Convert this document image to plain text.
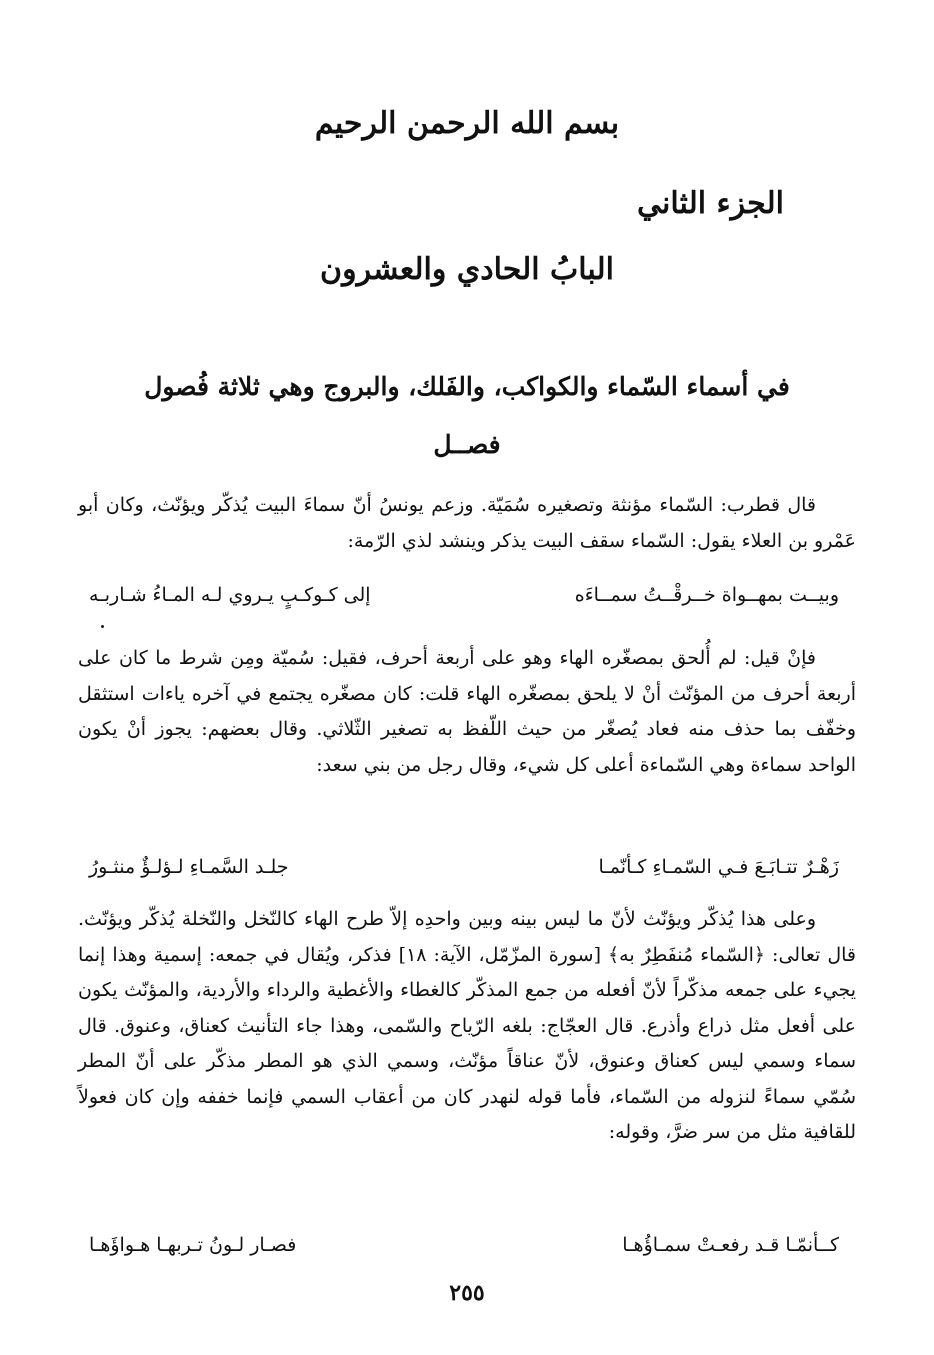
بسم الله الرحمن الرحيم
الجزء الثاني
البابُ الحادي والعشرون
في أسماء السّماء والكواكب، والفَلك، والبروج وهي ثلاثة فُصول
فصــل
قال قطرب: السّماء مؤنثة وتصغيره سُمَيّة. وزعم يونسُ أنّ سماءَ البيت يُذكّر ويؤنّث، وكان أبو عَمْرو بن العلاء يقول: السّماء سقف البيت يذكر وينشد لذي الرّمة:
وبيــت بمهــواة خــرقْــتُ سمــاءَه
إلى كـوكـبٍ يـروي لـه المـاءُ شـاربـه
فإنْ قيل: لم أُلحق بمصغّره الهاء وهو على أربعة أحرف، فقيل: سُميّة ومِن شرط ما كان على أربعة أحرف من المؤنّث أنْ لا يلحق بمصغّره الهاء قلت: كان مصغّره يجتمع في آخره ياءات استثقل وخفّف بما حذف منه فعاد يُصغّر من حيث اللّفظ به تصغير الثّلاثي. وقال بعضهم: يجوز أنْ يكون الواحد سماءة وهي السّماءة أعلى كل شيء، وقال رجل من بني سعد:
زَهْـرٌ تتـابَـعَ فـي السّمـاءِ كـأنّمـا
جلـد السَّمـاءِ لـؤلـؤٌ منثـورُ
وعلى هذا يُذكّر ويؤنّث لأنّ ما ليس بينه وبين واحدِه إلاّ طرح الهاء كالنّخل والنّخلة يُذكّر ويؤنّث. قال تعالى: ﴿السّماء مُنفَطِرٌ به﴾ [سورة المزّمّل، الآية: ١٨] فذكر، ويُقال في جمعه: إسمية وهذا إنما يجيء على جمعه مذكّراً لأنّ أفعله من جمع المذكّر كالغطاء والأغطية والرداء والأردية، والمؤنّث يكون على أفعل مثل ذراع وأذرع. قال العجّاج: بلغه الرّياح والسّمى، وهذا جاء التأنيث كعناق، وعنوق. قال سماء وسمي ليس كعناق وعنوق، لأنّ عناقاً مؤنّث، وسمي الذي هو المطر مذكّر على أنّ المطر سُمّي سماءً لنزوله من السّماء، فأما قوله لنهدر كان من أعقاب السمي فإنما خففه وإن كان فعولاً للقافية مثل من سر ضرَّ، وقوله:
كــأنمّـا قـد رفعـتْ سمـاؤُهـا
فصـار لـونُ تـربهـا هـواؤَهـا
٢٥٥
